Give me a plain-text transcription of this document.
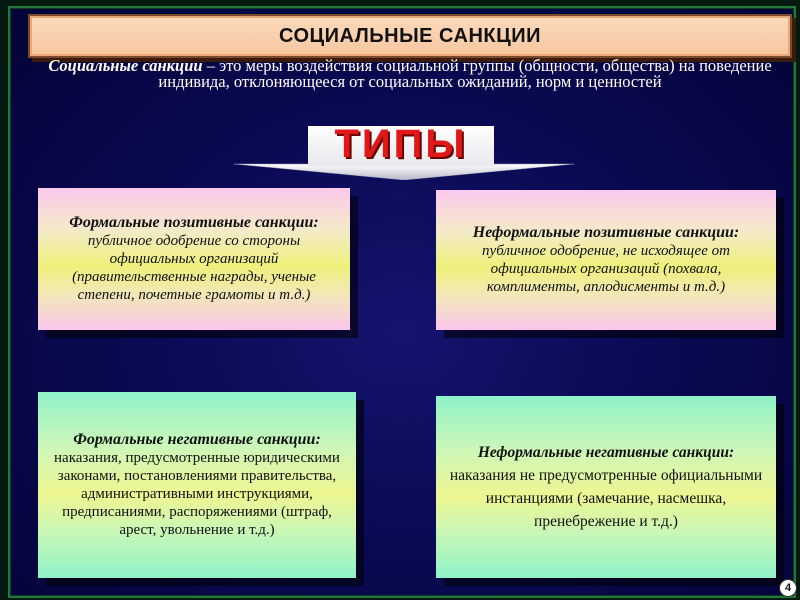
СОЦИАЛЬНЫЕ САНКЦИИ
Социальные санкции – это меры воздействия социальной группы (общности, общества) на поведение индивида, отклоняющееся от социальных ожиданий, норм и ценностей
ТИПЫ
Формальные позитивные санкции:
публичное одобрение со стороны официальных организаций (правительственные награды, ученые степени, почетные грамоты и т.д.)
Неформальные позитивные санкции:
публичное одобрение, не исходящее от официальных организаций (похвала, комплименты, аплодисменты и т.д.)
Формальные негативные санкции:
наказания, предусмотренные юридическими законами, постановлениями правительства, административными инструкциями, предписаниями, распоряжениями (штраф, арест, увольнение и т.д.)
Неформальные негативные санкции:
наказания не предусмотренные официальными инстанциями (замечание, насмешка, пренебрежение и т.д.)
4
